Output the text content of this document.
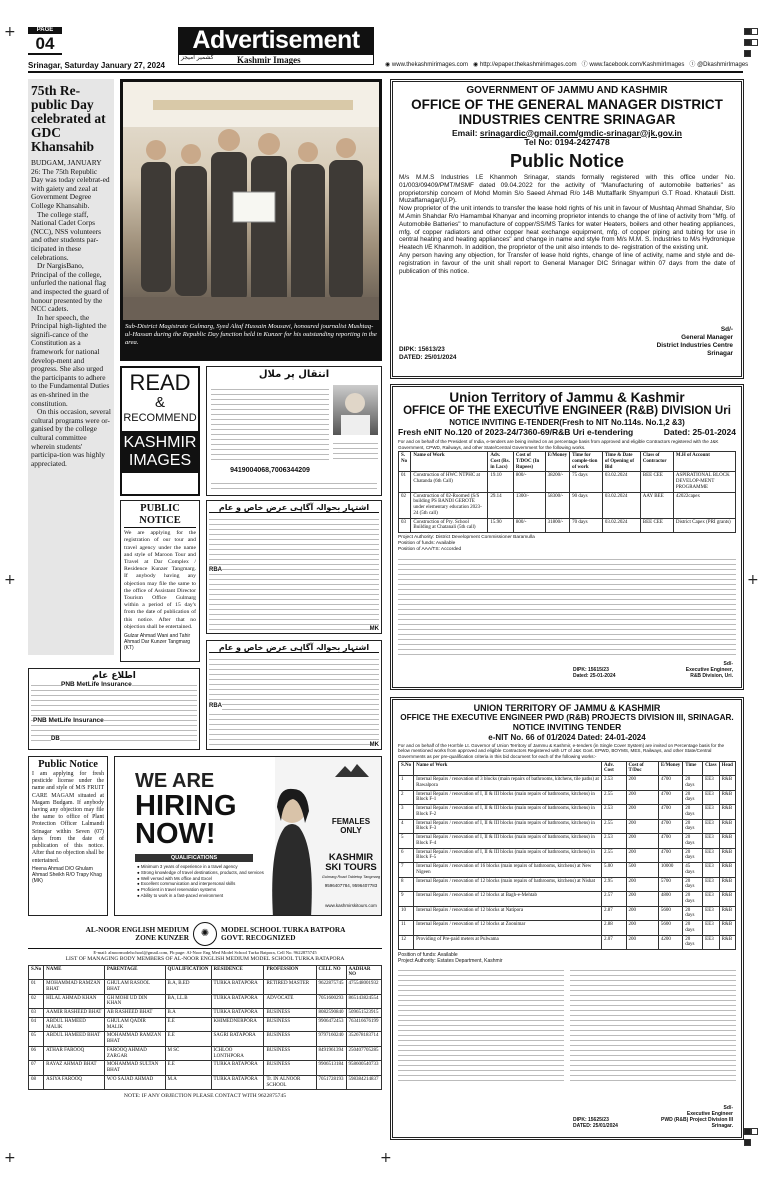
+
+
+
+
+
PAGE
04	Advertisement
کشمیر امیجز	Kashmir Images
Srinagar, Saturday January 27, 2024	◉ www.thekashmirimages.com ◉ http://epaper.thekashmirimages.com ⓕ www.facebook.com/KashmirImages ⓣ @DkashmirImages
75th Re-public Day celebrated at GDC Khansahib

BUDGAM, JANUARY 26: The 75th Republic Day was today celebrat-ed with gaiety and zeal at Government Degree College Khansahib.

The college staff, National Cadet Corps (NCC), NSS volunteers and other students par-ticipated in these celebrations.

Dr NargisBano, Principal of the college, unfurled the national flag and inspected the guard of honour presented by the NCC cadets.

In her speech, the Principal high-lighted the signifi-cance of the Constitution as a framework for national develop-ment and progress. She also urged the participants to adhere to the Fundamental Duties as en-shrined in the constitution.

On this occasion, several cultural programs were or-ganised by the college cultural committee wherein students' participa-tion was highly appreciated.

Sub-District Magistrate Gulmarg, Syed Altaf Hussain Mousavi, honoured journalist Mushtaq-ul-Hassan during the Republic Day function held in Kunzer for his outstanding reporting in the area.
READ
&
RECOMMEND
KASHMIR
IMAGES
انتقال پر ملال
9419004068,7006344209
PUBLIC NOTICE
We are applying for the registration of our tour and travel agency under the name and style of Maroon Tour and Travel at Dar Complex / Residence Kunzer Tangmarg. If anybody having any objection may file the same to the office of Assistant Director Tourism Office Gulmarg within a period of 15 day's from the date of publication of this notice. After that no objection shall be entertained.
Gulzar Ahmad Wani and Tahir Ahmad Dar Kunzer Tangmarg (KT)
اشتہار بحوالہ آگاہی عرض خاص و عام
RBA
MK
اشتہار بحوالہ آگاہی عرض خاص و عام
RBA
MK
اطلاع عام
PNB MetLife Insurance
PNB MetLife Insurance
DB
Public Notice
I am applying for fresh pesticide license under the name and style of M/S FRUIT CARE MAGAM situated at Magam Budgam. If anybody having any objection may file the same to office of Plant Protection Officer Lalmandi Srinagar within Seven (07) days from the date of publication of this notice. After that no objection shall be entertained.
Heena Ahmad D/O Ghulam Ahmad Sheikh R/O Trapy Khag (MK)
WE ARE
HIRING
NOW!
QUALIFICATIONS
● Minimum 3 years of experience in a travel agency
● Strong knowledge of travel destinations, products, and services
● Well versed with Ms office and Excel
● Excellent communication and interpersonal skills
● Proficient in travel reservation systems
● Ability to work in a fast-paced environment
FEMALES ONLY
KASHMIR
SKI TOURS
Gulmarg Road Tabletop Tangmarg
9596407784, 9596407783
www.kashmirskitours.com
AL-NOOR ENGLISH MEDIUM
ZONE KUNZER	✺	MODEL SCHOOL TURKA BATPORA
GOVT. RECOGNIZED
E-mail: alnoormodelschool@gmail.com, Fb page: Al-Noor Eng Med Model School Turka Batpora, Cell No. 9622875745
LIST OF MANAGING BODY MEMBERS OF AL-NOOR ENGLISH MEDIUM MODEL SCHOOL TURKA BATAPORA
S.No	NAME	PARENTAGE	QUALIFICATION	RESIDENCE	PROFESSION	CELL NO	AADHAR NO
01	MOHAMMAD RAMZAN BHAT	GHULAM RASOOL BHAT	B.A, B.ED	TURKA BATAPORA	RETIRED MASTER	9622875745	475548001932
02	HILAL AHMAD KHAN	GH MOHI UD DIN KHAN	BA, LL.B	TURKA BATAPORA	ADVOCATE	7051600293	865143824554
03	AAMIR RASHEED BHAT	AB RASHEED BHAT	B.A	TURKA BATAPORA	BUSINESS	8082590840	509651523915
04	ABDUL HAMEED MALIK	GHULAM QADIR MALIK	E.E	KHIMEDNERPORA	BUSINESS	9906472453	763416676199
05	ABDUL HAMEED BHAT	MOHAMMAD RAMZAN BHAT	E.E	SAGRI BATAPORA	BUSINESS	9797160240	352678183714
06	ATHAR FAROOQ	FAROOQ AHMAD ZARGAR	M SC	ICHLOO LONTHPORA	BUSINESS	8491961394	250407705285
07	RAYAZ AHMAD BHAT	MOHAMMAD SULTAN BHAT	E.E	TURKA BATAPORA	BUSINESS	9906513184	958600540733
08	ASIYA FAROOQ	W/O SAJAD AHMAD	M.A	TURKA BATAPORA	Tr. IN ALNOOR SCHOOL	7051728193	598384214837
NOTE: IF ANY OBJECTION PLEASE CONTACT WITH 9622875745
GOVERNMENT OF JAMMU AND KASHMIR
OFFICE OF THE GENERAL MANAGER DISTRICT
INDUSTRIES CENTRE SRINAGAR
Email: srinagardic@gmail.com/gmdic-srinagar@jk.gov.in
Tel No: 0194-2427478
Public Notice

M/s M.M.S Industries I.E Khanmoh Srinagar, stands formally registered with this office under No. 01/003/09409/PMT/MSMF dated 09.04.2022 for the activity of "Manufacturing of automobile batteries" as proprietorship concern of Mohd Momin S/o Saeed Ahmad R/o 14B Muttaffarik Shyampuri G.T Road. Khatauli Distt. Muzaffarnagar(U.P).

Now proprietor of the unit intends to transfer the lease hold rights of his unit in favour of Mushtaq Ahmad Shahdar, S/o M.Amin Shahdar R/o Hamambal Khanyar and incoming proprietor intends to change the of line of activity from "Mfg. of Automobile Batteries" to manufacture of copper/SS/MS Tanks for water Heaters, boilers and other heating appliances, mfg. of copper radiators and other copper heat exchange equipment, mfg. of copper piping and tubing for use in central heating and heating appliances" and change in name and style from M/s M.M. S. Industries to M/s Hydronique Heatech I/E Khanmoh. In addition, the proprietor of the unit also intends to de- registration of the existing unit.

Any person having any objection, for Transfer of lease hold rights, change of line of activity, name and style and de-registration in favour of the unit shall report to General Manager DIC Srinagar within 07 days from the date of publication of this notice.

Sd/-
General Manager
District Industries Centre
Srinagar
DIPK: 15613/23
DATED: 25/01/2024
Union Territory of Jammu & Kashmir
OFFICE OF THE EXECUTIVE ENGINEER (R&B) DIVISION Uri
NOTICE INVITING E-TENDER(Fresh to NIT No.114s. No.1,2 &3)
Fresh eNIT No.120 of 2023-24/7360-69/R&B Uri e-tendering	Dated: 25-01-2024
For and on behalf of the President of India, e-tenders are being invited on as percentage basis from approved and eligible Contractors registered with the J&K Government, CPWD, Railways, and other State/Central Government for the following works.
S. No	Name of Work	Adv. Cost (Rs. in Lacs)	Cost of T/DOC (In Rupees)	E/Money	Time for comple-tion of work	Time & Date of Opening of Bid	Class of Contractor	M.H of Account
01	Construction of HWC NTPHC at Chatanda (6th Call)	19.10	800/-	38200/-	75 days	03.02.2024	BEE CEE	ASPIRATIONAL BLOCK DEVELOP-MENT PROGRAMME
02	Construction of 02-Roomed (S/S building PS BANDI GEROTE under elementary education 2023-24 (5th call)	29.14	1300/-	58300/-	90 days	03.02.2024	AAY BEE	42022capex
03	Construction of Pry. School Building at Chatanali (5th call)	15.90	800/-	31800/-	70 days	03.02.2024	BEE CEE	District Capex (PRI grants)
Project Authority: District Development Commissioner Baramulla
Position of funds: Available
Position of AAA/TS: Accorded
Sd/-
Executive Engineer,
R&B Division, Uri.
DIPK: 15615/23
Dated: 25-01-2024
UNION TERRITORY OF JAMMU & KASHMIR
OFFICE THE EXECUTIVE ENGINEER PWD (R&B) PROJECTS DIVISION III, SRINAGAR.
NOTICE INVITING TENDER
e-NIT No. 66 of 01/2024 Dated: 24-01-2024
For and on behalf of the Hon'ble Lt. Governor of Union Territory of Jammu & Kashmir, e-tenders (in Single Cover System) are invited on Percentage basis for the below mentioned works from approved and eligible Contractors Registered with UT of J&K Govt. EPWD, BOYMS, MES, Railways, and other State/Central Governments as per pre-qualification criteria in this bid document for each of the following works:-
S.No	Name of Work	Adv. Cost	Cost of T/Doc	E/Money	Time	Class	Head
1	Internal Repairs / renovation of 3 blocks (main repairs of bathrooms, kitchens, tile paths) at Rawalpora	2.53	200	4700	20 days	EE3	R&B
2	Internal Repairs / renovation of I, II & III blocks (main repairs of bathrooms, kitchens) in Block F-1	2.55	200	4700	20 days	EE3	R&B
3	Internal Repairs / renovation of I, II & III blocks (main repairs of bathrooms, kitchens) in Block F-2	2.53	200	4700	20 days	EE3	R&B
4	Internal Repairs / renovation of I, II & III blocks (main repairs of bathrooms, kitchens) in Block F-3	2.55	200	4700	20 days	EE3	R&B
5	Internal Repairs / renovation of I, II & III blocks (main repairs of bathrooms, kitchens) in Block F-4	2.53	200	4700	20 days	EE3	R&B
6	Internal Repairs / renovation of I, II & III blocks (main repairs of bathrooms, kitchens) in Block F-5	2.55	200	4700	20 days	EE3	R&B
7	Internal Repairs / renovation of 16 blocks (main repairs of bathrooms, kitchens) at New Nigeen	5.00	500	10000	45 days	EE3	R&B
8	Internal Repairs / renovation of 12 blocks (main repairs of bathrooms, kitchens) at Nishat	2.95	200	5700	20 days	EE3	R&B
9	Internal Repairs / renovation of 12 blocks at Bagh-e-Mehtab	2.57	200	4800	20 days	EE3	R&B
10	Internal Repairs / renovation of 12 blocks at Natipora	2.87	200	5600	20 days	EE3	R&B
11	Internal Repairs / renovation of 12 blocks at Zoonimar	2.88	200	5600	20 days	EE3	R&B
12	Providing of Pre-paid meters at Pulwama	2.07	200	4200	20 days	EE3	R&B
Position of funds: Available
Project Authority: Estates Department, Kashmir
Sd/-
Executive Engineer
PWD (R&B) Project Division III
Srinagar.
DIPK: 15625/23
DATED: 25/01/2024
